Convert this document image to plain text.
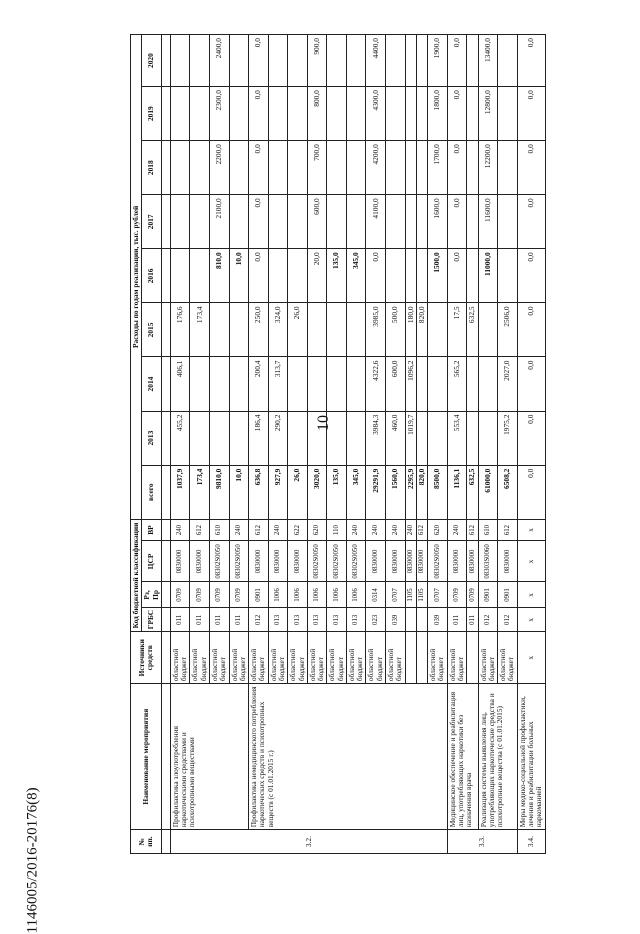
10
1146005/2016-20176(8)	№ пп.	Наименование мероприятия	Источники средств	Код бюджетной классификации				Расходы по годам реализации, тыс. рублей								
			ГРБС	Рз, Пр	ЦСР	ВР	всего	2013	2014	2015	2016	2017	2018	2019	2020

3.2.	Профилактика злоупотребления наркотическими средствами и психотропными веществами	областной бюджет	011	0709	0830000	240	1037,9	455,2	406,1	176,6					
		областной бюджет	011	0709	0830000	612	173,4			173,4					
		областной бюджет	011	0709	08302S0050	610	9810,0				810,0	2100,0	2200,0	2300,0	2400,0
		областной бюджет	011	0709	08302S0050	240	10,0				10,0				
	Профилактика немедицинского потребления наркотических средств и психотропных веществ (с 01.01.2015 г.)	областной бюджет	012	0901	0830000	612	636,8	186,4	200,4	250,0	0,0	0,0	0,0	0,0	0,0
		областной бюджет	013	1006	0830000	240	927,9	290,2	313,7	324,0					
		областной бюджет	013	1006	0830000	622	26,0			26,0					
		областной бюджет	013	1006	08302S0050	620	3020,0				20,0	600,0	700,0	800,0	900,0
		областной бюджет	013	1006	08302S0050	110	135,0				135,0				
		областной бюджет	013	1006	08302S0050	240	345,0				345,0				
		областной бюджет	023	0314	0830000	240	29291,9	3984,3	4322,6	3985,0	0,0	4100,0	4200,0	4300,0	4400,0
		областной бюджет	039	0707	0830000	240	1560,0	460,0	600,0	500,0					
				1105	0830000	240	2295,9	1019,7	1096,2	180,0					
				1105	0830000	612	820,0			820,0					
		областной бюджет	039	0707	08302S0050	620	8500,0				1500,0	1600,0	1700,0	1800,0	1900,0
3.3.	Медицинское обеспечение и реабилитация лиц, употребляющих наркотики без назначения врача	областной бюджет	011	0709	0830000	240	1136,1	553,4	565,2	17,5	0,0	0,0	0,0	0,0	0,0
			011	0709	0830000	612	632,5			632,5					
	Реализация системы выявления лиц, употребляющих наркотические средства и психотропные вещества (с 01.01.2015)	областной бюджет	012	0901	08303S0060	610	61000,0				11000,0	11600,0	12200,0	12800,0	13400,0
		областной бюджет	012	0901	0830000	612	6508,2	1975,2	2027,0	2506,0					
3.4.	Меры медико-социальной профилактики, лечения и реабилитации больных наркоманией	х	х	х	х	х	0,0	0,0	0,0	0,0	0,0	0,0	0,0	0,0	0,0
